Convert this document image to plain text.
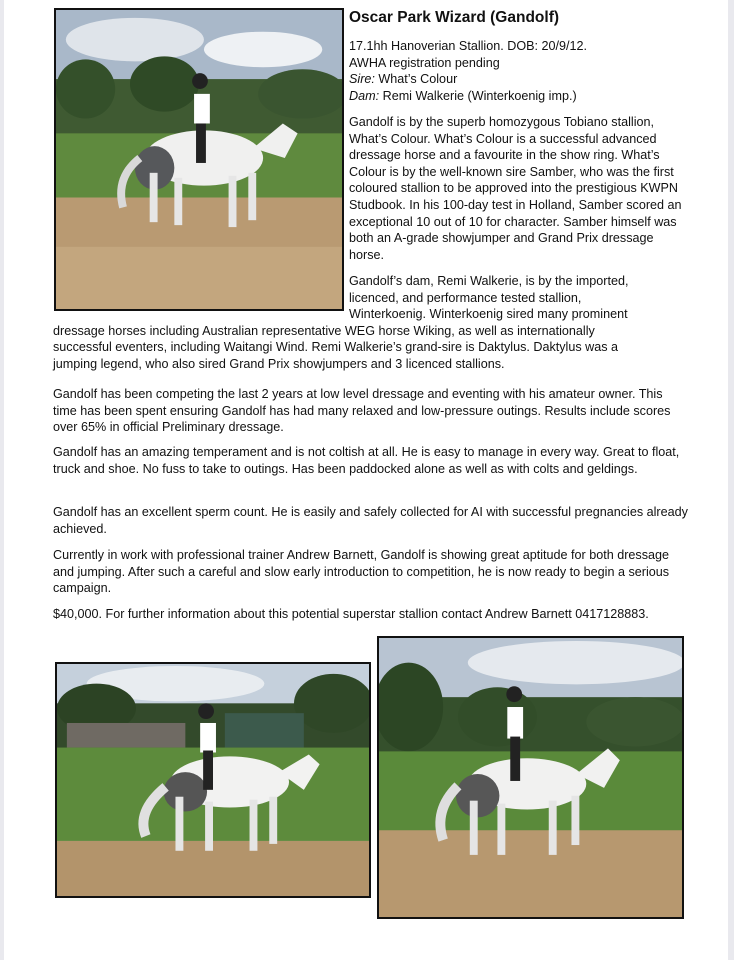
Oscar Park Wizard (Gandolf)
17.1hh Hanoverian Stallion. DOB: 20/9/12.
AWHA registration pending
Sire: What’s Colour
Dam: Remi Walkerie (Winterkoenig imp.)

Gandolf is by the superb homozygous Tobiano stallion, What’s Colour. What’s Colour is a successful advanced dressage horse and a favourite in the show ring. What’s Colour is by the well-known sire Samber, who was the first coloured stallion to be approved into the prestigious KWPN Studbook. In his 100-day test in Holland, Samber scored an exceptional 10 out of 10 for character. Samber himself was both an A-grade showjumper and Grand Prix dressage horse.

Gandolf’s dam, Remi Walkerie, is by the imported,
licenced, and performance tested stallion,
Winterkoenig. Winterkoenig sired many prominent
dressage horses including Australian representative WEG horse Wiking, as well as internationally
successful eventers, including Waitangi Wind. Remi Walkerie’s grand-sire is Daktylus. Daktylus was a
jumping legend, who also sired Grand Prix showjumpers and 3 licenced stallions.

Gandolf has been competing the last 2 years at low level dressage and eventing with his amateur owner. This time has been spent ensuring Gandolf has had many relaxed and low-pressure outings. Results include scores over 65% in official Preliminary dressage.

Gandolf has an amazing temperament and is not coltish at all. He is easy to manage in every way. Great to float, truck and shoe. No fuss to take to outings. Has been paddocked alone as well as with colts and geldings.

Gandolf has an excellent sperm count. He is easily and safely collected for AI with successful pregnancies already achieved.

Currently in work with professional trainer Andrew Barnett, Gandolf is showing great aptitude for both dressage and jumping. After such a careful and slow early introduction to competition, he is now ready to begin a serious campaign.

$40,000. For further information about this potential superstar stallion contact Andrew Barnett 0417128883.
